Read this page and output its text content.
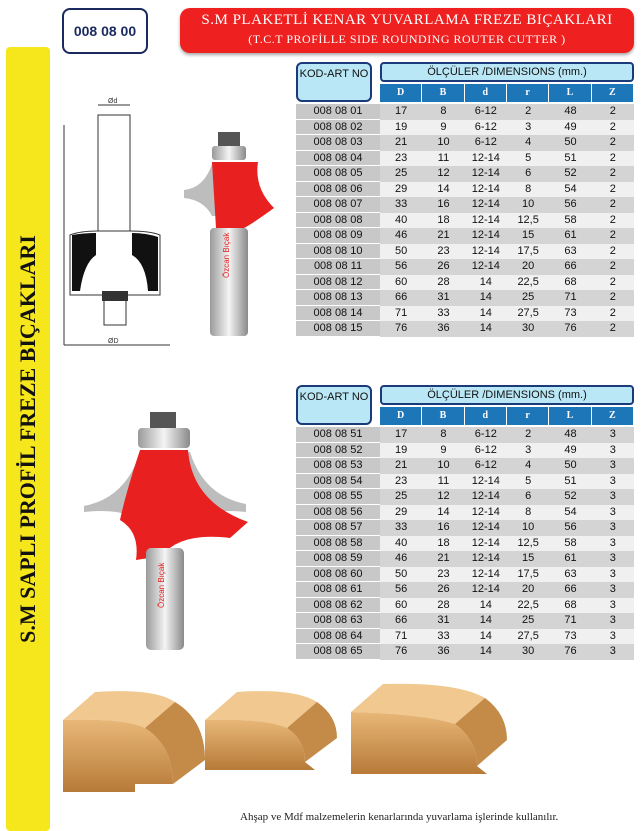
008 08 00
S.M PLAKETLİ KENAR YUVARLAMA FREZE BIÇAKLARI
(T.C.T PROFİLLE SIDE ROUNDING ROUTER CUTTER )
S.M SAPLI PROFİL FREZE BIÇAKLARI
Ød
ØD
Özcan Bıçak
Özcan Bıçak
KOD-ART NO	ÖLÇÜLER /DIMENSIONS (mm.)
D	B	d	r	L	Z
008 08 01	17	8	6-12	2	48	2
008 08 02	19	9	6-12	3	49	2
008 08 03	21	10	6-12	4	50	2
008 08 04	23	11	12-14	5	51	2
008 08 05	25	12	12-14	6	52	2
008 08 06	29	14	12-14	8	54	2
008 08 07	33	16	12-14	10	56	2
008 08 08	40	18	12-14	12,5	58	2
008 08 09	46	21	12-14	15	61	2
008 08 10	50	23	12-14	17,5	63	2
008 08 11	56	26	12-14	20	66	2
008 08 12	60	28	14	22,5	68	2
008 08 13	66	31	14	25	71	2
008 08 14	71	33	14	27,5	73	2
008 08 15	76	36	14	30	76	2
KOD-ART NO	ÖLÇÜLER /DIMENSIONS (mm.)
D	B	d	r	L	Z
008 08 51	17	8	6-12	2	48	3
008 08 52	19	9	6-12	3	49	3
008 08 53	21	10	6-12	4	50	3
008 08 54	23	11	12-14	5	51	3
008 08 55	25	12	12-14	6	52	3
008 08 56	29	14	12-14	8	54	3
008 08 57	33	16	12-14	10	56	3
008 08 58	40	18	12-14	12,5	58	3
008 08 59	46	21	12-14	15	61	3
008 08 60	50	23	12-14	17,5	63	3
008 08 61	56	26	12-14	20	66	3
008 08 62	60	28	14	22,5	68	3
008 08 63	66	31	14	25	71	3
008 08 64	71	33	14	27,5	73	3
008 08 65	76	36	14	30	76	3
Ahşap ve Mdf malzemelerin kenarlarında yuvarlama işlerinde kullanılır.
